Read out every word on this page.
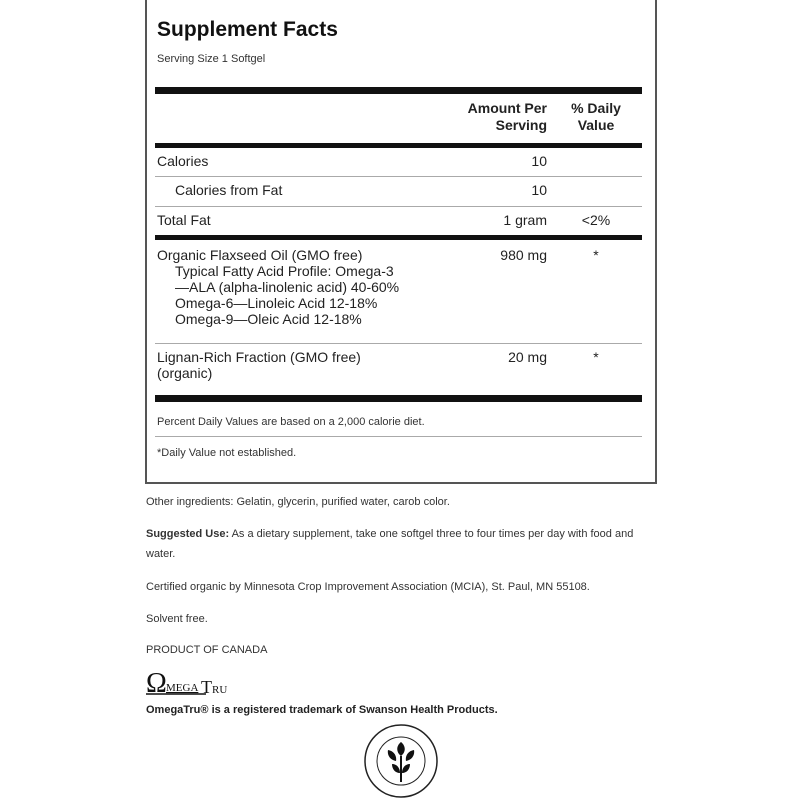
Supplement Facts
Serving Size 1 Softgel
Amount Per
Serving
% Daily
Value
Calories	10
Calories from Fat	10
Total Fat	1 gram	<2%
Organic Flaxseed Oil (GMO free)	980 mg	*
Typical Fatty Acid Profile: Omega-3
—ALA (alpha-linolenic acid) 40-60%
Omega-6—Linoleic Acid 12-18%
Omega-9—Oleic Acid 12-18%
Lignan-Rich Fraction (GMO free)
(organic)
20 mg	*
Percent Daily Values are based on a 2,000 calorie diet.
*Daily Value not established.
Other ingredients: Gelatin, glycerin, purified water, carob color.
Suggested Use: As a dietary supplement, take one softgel three to four times per day with food and water.
Certified organic by Minnesota Crop Improvement Association (MCIA), St. Paul, MN 55108.
Solvent free.
PRODUCT OF CANADA
Ω MEGA T RU
OmegaTru® is a registered trademark of Swanson Health Products.
